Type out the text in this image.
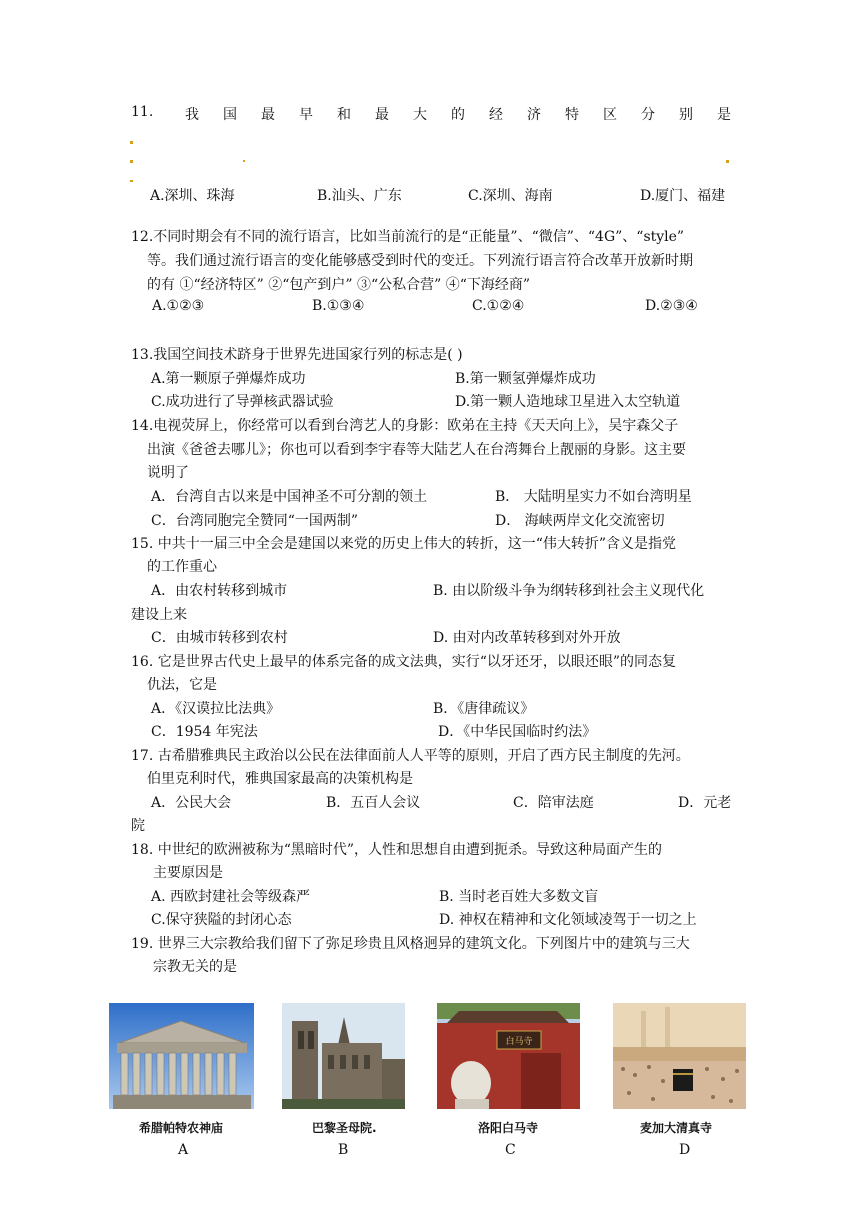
11. 我 国 最 早 和 最 大 的 经 济 特 区 分 别 是
A.深圳、珠海	B.汕头、广东	C.深圳、海南	D.厦门、福建
12.不同时期会有不同的流行语言，比如当前流行的是“正能量”、“微信”、“4G”、“style”
等。我们通过流行语言的变化能够感受到时代的变迁。下列流行语言符合改革开放新时期
的有 ①“经济特区” ②“包产到户” ③“公私合营” ④“下海经商”
A.①②③	B.①③④	C.①②④	D.②③④
13.我国空间技术跻身于世界先进国家行列的标志是( )
A.第一颗原子弹爆炸成功	B.第一颗氢弹爆炸成功
C.成功进行了导弹核武器试验	D.第一颗人造地球卫星进入太空轨道
14.电视荧屏上，你经常可以看到台湾艺人的身影：欧弟在主持《天天向上》，吴宇森父子
出演《爸爸去哪儿》；你也可以看到李宇春等大陆艺人在台湾舞台上靓丽的身影。这主要
说明了
A．台湾自古以来是中国神圣不可分割的领土	B． 大陆明星实力不如台湾明星
C．台湾同胞完全赞同“一国两制”	D． 海峡两岸文化交流密切
15. 中共十一届三中全会是建国以来党的历史上伟大的转折，这一“伟大转折”含义是指党
的工作重心
A．由农村转移到城市	B. 由以阶级斗争为纲转移到社会主义现代化
建设上来
C．由城市转移到农村	D. 由对内改革转移到对外开放
16. 它是世界古代史上最早的体系完备的成文法典，实行“以牙还牙，以眼还眼”的同态复
仇法，它是
A．《汉谟拉比法典》	B．《唐律疏议》
C．1954 年宪法	D．《中华民国临时约法》
17. 古希腊雅典民主政治以公民在法律面前人人平等的原则，开启了西方民主制度的先河。
伯里克利时代，雅典国家最高的决策机构是
A．公民大会	B．五百人会议	C．陪审法庭	D．元老
院
18. 中世纪的欧洲被称为“黑暗时代”，人性和思想自由遭到扼杀。导致这种局面产生的
主要原因是
A. 西欧封建社会等级森严	B. 当时老百姓大多数文盲
C.保守狭隘的封闭心态	D. 神权在精神和文化领域凌驾于一切之上
19. 世界三大宗教给我们留下了弥足珍贵且风格迥异的建筑文化。下列图片中的建筑与三大
宗教无关的是
白马寺
希腊帕特农神庙	巴黎圣母院.	洛阳白马寺	麦加大清真寺
A	B	C	D
